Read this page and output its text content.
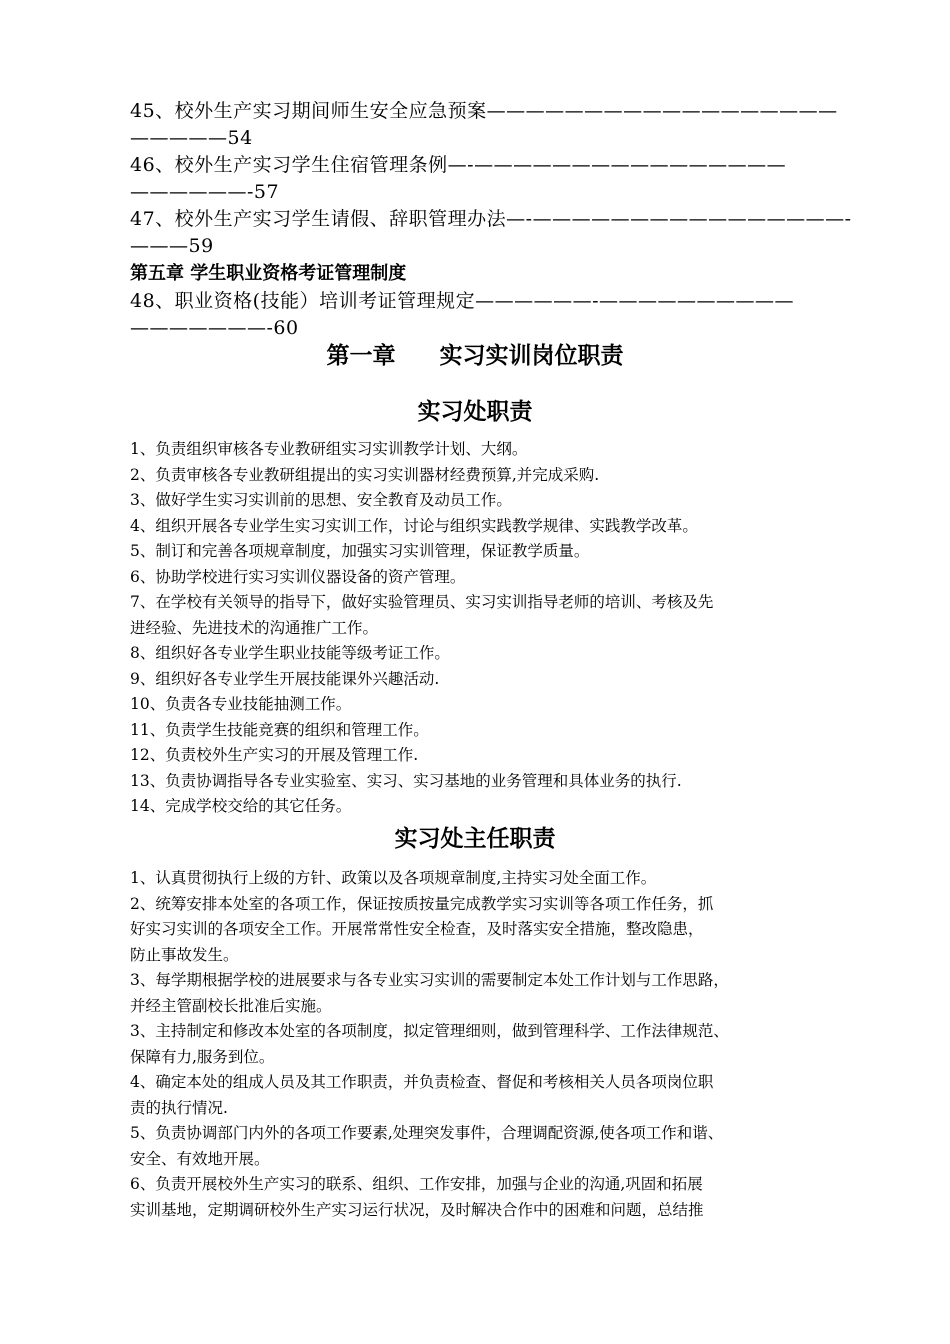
45、校外生产实习期间师生安全应急预案——————————————————
—————54
46、校外生产实习学生住宿管理条例—-————————————————
——————-57
47、校外生产实习学生请假、辞职管理办法—-————————————————-
———59
第五章 学生职业资格考证管理制度
48、职业资格(技能）培训考证管理规定——————-——————————
———————-60
第一章 实习实训岗位职责
实习处职责
1、负责组织审核各专业教研组实习实训教学计划、大纲。
2、负责审核各专业教研组提出的实习实训器材经费预算,并完成采购.
3、做好学生实习实训前的思想、安全教育及动员工作。
4、组织开展各专业学生实习实训工作，讨论与组织实践教学规律、实践教学改革。
5、制订和完善各项规章制度，加强实习实训管理，保证教学质量。
6、协助学校进行实习实训仪器设备的资产管理。
7、在学校有关领导的指导下，做好实验管理员、实习实训指导老师的培训、考核及先
进经验、先进技术的沟通推广工作。
8、组织好各专业学生职业技能等级考证工作。
9、组织好各专业学生开展技能课外兴趣活动.
10、负责各专业技能抽测工作。
11、负责学生技能竞赛的组织和管理工作。
12、负责校外生产实习的开展及管理工作.
13、负责协调指导各专业实验室、实习、实习基地的业务管理和具体业务的执行.
14、完成学校交给的其它任务。
实习处主任职责
1、认真贯彻执行上级的方针、政策以及各项规章制度,主持实习处全面工作。
2、统筹安排本处室的各项工作，保证按质按量完成教学实习实训等各项工作任务，抓
好实习实训的各项安全工作。开展常常性安全检查，及时落实安全措施，整改隐患，
防止事故发生。
3、每学期根据学校的进展要求与各专业实习实训的需要制定本处工作计划与工作思路，
并经主管副校长批准后实施。
3、主持制定和修改本处室的各项制度，拟定管理细则，做到管理科学、工作法律规范、
保障有力,服务到位。
4、确定本处的组成人员及其工作职责，并负责检查、督促和考核相关人员各项岗位职
责的执行情况.
5、负责协调部门内外的各项工作要素,处理突发事件，合理调配资源,使各项工作和谐、
安全、有效地开展。
6、负责开展校外生产实习的联系、组织、工作安排，加强与企业的沟通,巩固和拓展
实训基地，定期调研校外生产实习运行状况，及时解决合作中的困难和问题，总结推
